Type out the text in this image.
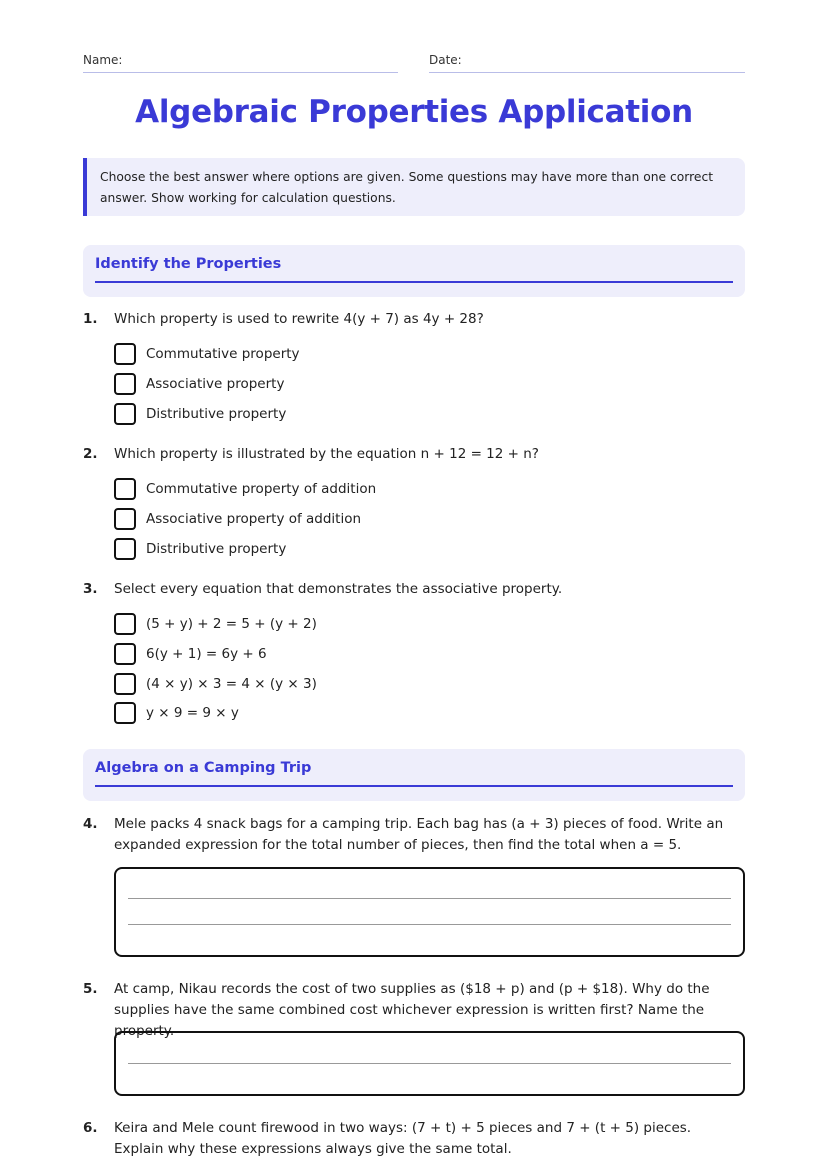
Name:	Date:
Algebraic Properties Application
Choose the best answer where options are given. Some questions may have more than one correct answer. Show working for calculation questions.
Identify the Properties
1. Which property is used to rewrite 4(y + 7) as 4y + 28?
Commutative property
Associative property
Distributive property
2. Which property is illustrated by the equation n + 12 = 12 + n?
Commutative property of addition
Associative property of addition
Distributive property
3. Select every equation that demonstrates the associative property.
(5 + y) + 2 = 5 + (y + 2)
6(y + 1) = 6y + 6
(4 × y) × 3 = 4 × (y × 3)
y × 9 = 9 × y
Algebra on a Camping Trip
4. Mele packs 4 snack bags for a camping trip. Each bag has (a + 3) pieces of food. Write an expanded expression for the total number of pieces, then find the total when a = 5.
5. At camp, Nikau records the cost of two supplies as ($18 + p) and (p + $18). Why do the supplies have the same combined cost whichever expression is written first? Name the property.
6. Keira and Mele count firewood in two ways: (7 + t) + 5 pieces and 7 + (t + 5) pieces. Explain why these expressions always give the same total.
